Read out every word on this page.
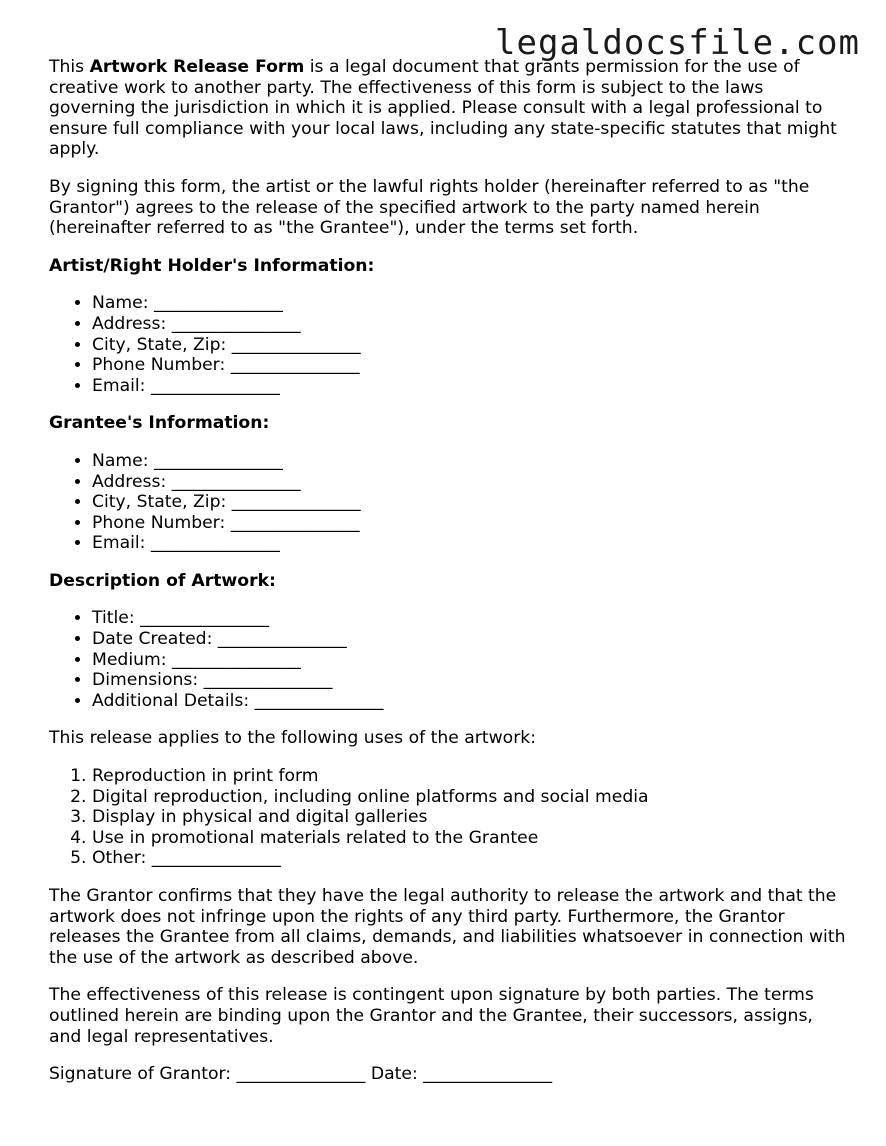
legaldocsfile.com

This Artwork Release Form is a legal document that grants permission for the use of creative work to another party. The effectiveness of this form is subject to the laws governing the jurisdiction in which it is applied. Please consult with a legal professional to ensure full compliance with your local laws, including any state-specific statutes that might apply.

By signing this form, the artist or the lawful rights holder (hereinafter referred to as "the Grantor") agrees to the release of the specified artwork to the party named herein (hereinafter referred to as "the Grantee"), under the terms set forth.

Artist/Right Holder's Information:
• Name: _______________
• Address: _______________
• City, State, Zip: _______________
• Phone Number: _______________
• Email: _______________
Grantee's Information:
• Name: _______________
• Address: _______________
• City, State, Zip: _______________
• Phone Number: _______________
• Email: _______________
Description of Artwork:
• Title: _______________
• Date Created: _______________
• Medium: _______________
• Dimensions: _______________
• Additional Details: _______________

This release applies to the following uses of the artwork:

1. Reproduction in print form
2. Digital reproduction, including online platforms and social media
3. Display in physical and digital galleries
4. Use in promotional materials related to the Grantee
5. Other: _______________

The Grantor confirms that they have the legal authority to release the artwork and that the artwork does not infringe upon the rights of any third party. Furthermore, the Grantor releases the Grantee from all claims, demands, and liabilities whatsoever in connection with the use of the artwork as described above.

The effectiveness of this release is contingent upon signature by both parties. The terms outlined herein are binding upon the Grantor and the Grantee, their successors, assigns, and legal representatives.

Signature of Grantor: _______________ Date: _______________
